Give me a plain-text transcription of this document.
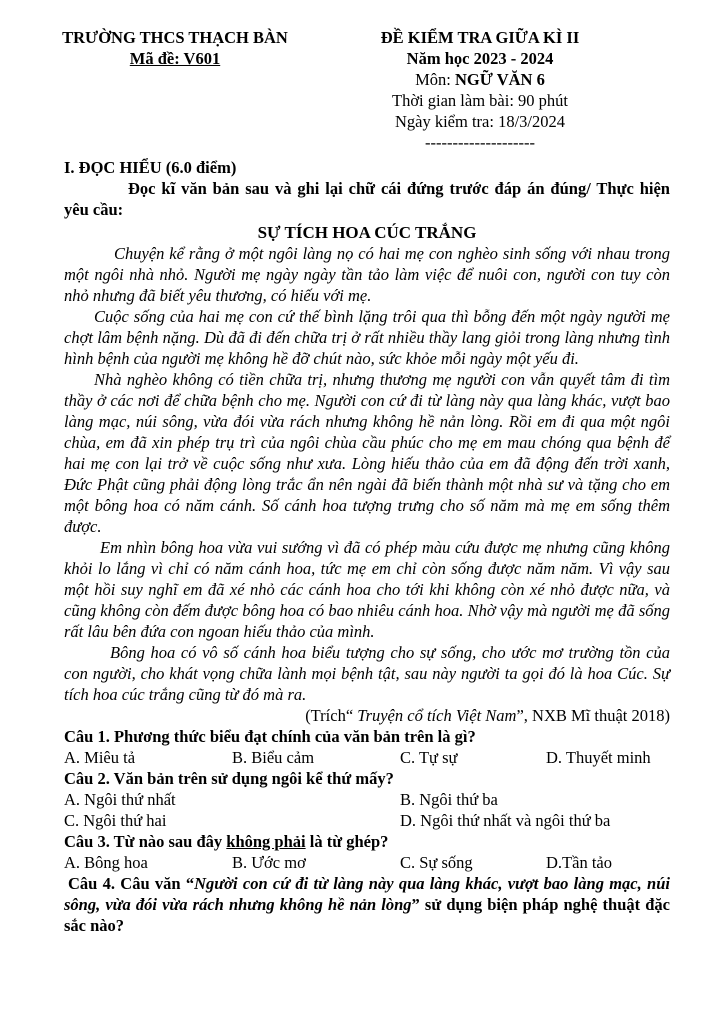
TRƯỜNG THCS THẠCH BÀN
Mã đề: V601
ĐỀ KIỂM TRA GIỮA KÌ II
Năm học 2023 - 2024
Môn: NGỮ VĂN 6
Thời gian làm bài: 90 phút
Ngày kiểm tra: 18/3/2024
--------------------

I. ĐỌC HIỂU (6.0 điểm)

Đọc kĩ văn bản sau và ghi lại chữ cái đứng trước đáp án đúng/ Thực hiện yêu cầu:

SỰ TÍCH HOA CÚC TRẮNG

Chuyện kể rằng ở một ngôi làng nọ có hai mẹ con nghèo sinh sống với nhau trong một ngôi nhà nhỏ. Người mẹ ngày ngày tần tảo làm việc để nuôi con, người con tuy còn nhỏ nhưng đã biết yêu thương, có hiếu với mẹ.

Cuộc sống của hai mẹ con cứ thế bình lặng trôi qua thì bỗng đến một ngày người mẹ chợt lâm bệnh nặng. Dù đã đi đến chữa trị ở rất nhiều thầy lang giỏi trong làng nhưng tình hình bệnh của người mẹ không hề đỡ chút nào, sức khỏe mỗi ngày một yếu đi.

Nhà nghèo không có tiền chữa trị, nhưng thương mẹ người con vẫn quyết tâm đi tìm thầy ở các nơi để chữa bệnh cho mẹ. Người con cứ đi từ làng này qua làng khác, vượt bao làng mạc, núi sông, vừa đói vừa rách nhưng không hề nản lòng. Rồi em đi qua một ngôi chùa, em đã xin phép trụ trì của ngôi chùa cầu phúc cho mẹ em mau chóng qua bệnh để hai mẹ con lại trở về cuộc sống như xưa. Lòng hiếu thảo của em đã động đến trời xanh, Đức Phật cũng phải động lòng trắc ẩn nên ngài đã biến thành một nhà sư và tặng cho em một bông hoa có năm cánh. Số cánh hoa tượng trưng cho số năm mà mẹ em sống thêm được.

Em nhìn bông hoa vừa vui sướng vì đã có phép màu cứu được mẹ nhưng cũng không khỏi lo lắng vì chỉ có năm cánh hoa, tức mẹ em chỉ còn sống được năm năm. Vì vậy sau một hồi suy nghĩ em đã xé nhỏ các cánh hoa cho tới khi không còn xé nhỏ được nữa, và cũng không còn đếm được bông hoa có bao nhiêu cánh hoa. Nhờ vậy mà người mẹ đã sống rất lâu bên đứa con ngoan hiếu thảo của mình.

Bông hoa có vô số cánh hoa biểu tượng cho sự sống, cho ước mơ trường tồn của con người, cho khát vọng chữa lành mọi bệnh tật, sau này người ta gọi đó là hoa Cúc. Sự tích hoa cúc trắng cũng từ đó mà ra.

(Trích“ Truyện cổ tích Việt Nam”, NXB Mĩ thuật 2018)

Câu 1. Phương thức biểu đạt chính của văn bản trên là gì?

A. Miêu tả	B. Biểu cảm	C. Tự sự	D. Thuyết minh

Câu 2. Văn bản trên sử dụng ngôi kể thứ mấy?

A. Ngôi thứ nhất	B. Ngôi thứ ba
C. Ngôi thứ hai	D. Ngôi thứ nhất và ngôi thứ ba

Câu 3. Từ nào sau đây không phải là từ ghép?

A. Bông hoa	B. Ước mơ	C. Sự sống	D.Tần tảo

Câu 4. Câu văn “Người con cứ đi từ làng này qua làng khác, vượt bao làng mạc, núi sông, vừa đói vừa rách nhưng không hề nản lòng” sử dụng biện pháp nghệ thuật đặc sắc nào?
